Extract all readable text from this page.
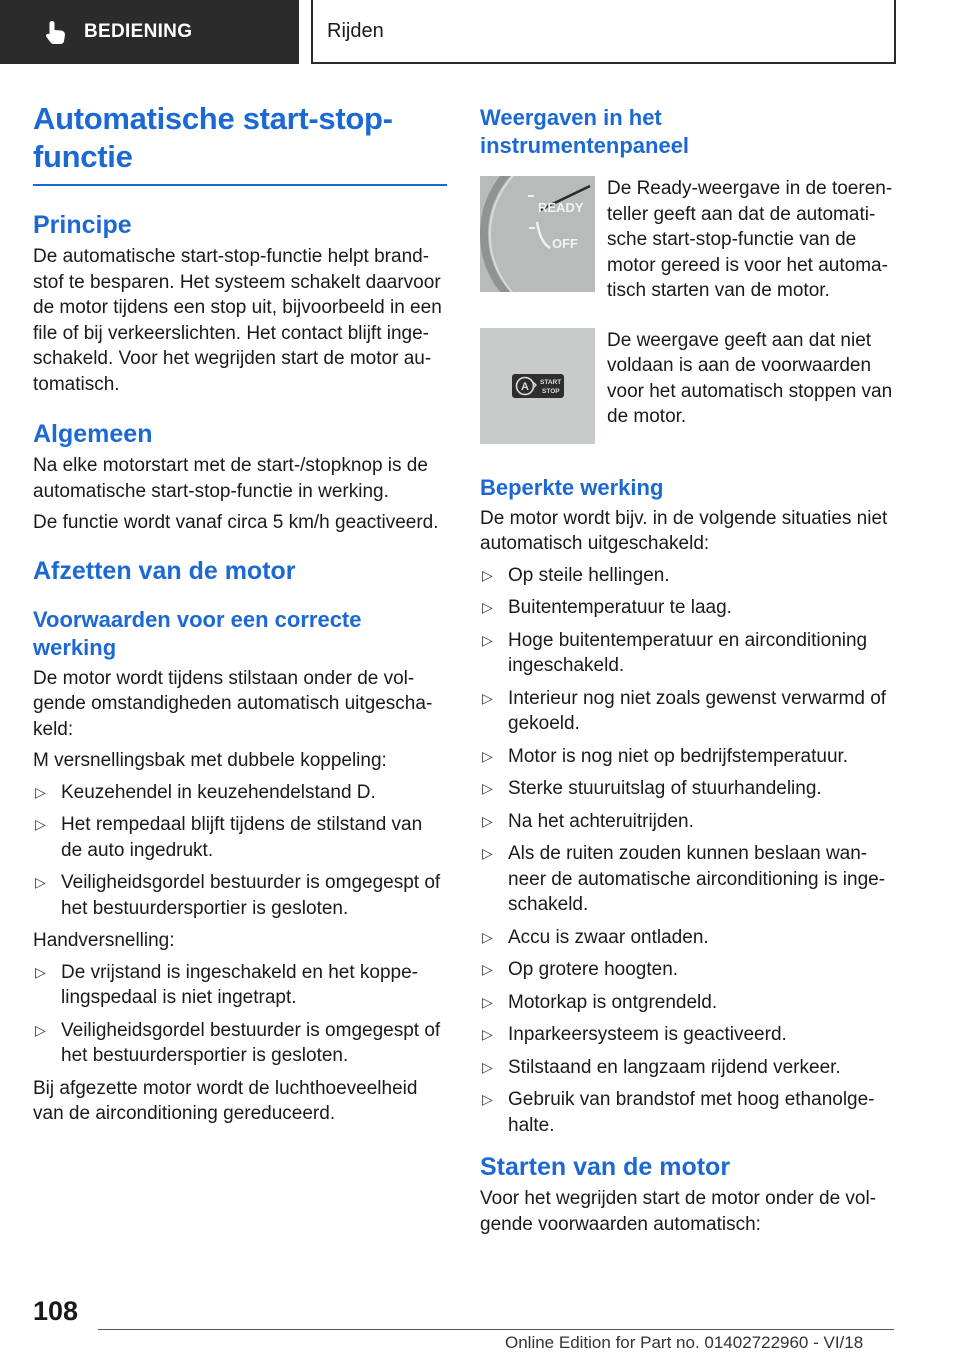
BEDIENING	Rijden
Automatische start-stop-
functie
Principe

De automatische start-stop-functie helpt brand-stof te besparen. Het systeem schakelt daarvoor de motor tijdens een stop uit, bijvoorbeeld in een file of bij verkeerslichten. Het contact blijft inge-schakeld. Voor het wegrijden start de motor au-tomatisch.

Algemeen

Na elke motorstart met de start-/stopknop is de automatische start-stop-functie in werking.

De functie wordt vanaf circa 5 km/h geactiveerd.

Afzetten van de motor
Voorwaarden voor een correcte werking

De motor wordt tijdens stilstaan onder de vol-gende omstandigheden automatisch uitgescha-keld:

M versnellingsbak met dubbele koppeling:

▷ Keuzehendel in keuzehendelstand D.
▷ Het rempedaal blijft tijdens de stilstand van de auto ingedrukt.
▷ Veiligheidsgordel bestuurder is omgegespt of het bestuurdersportier is gesloten.

Handversnelling:

▷ De vrijstand is ingeschakeld en het koppe-lingspedaal is niet ingetrapt.
▷ Veiligheidsgordel bestuurder is omgegespt of het bestuurdersportier is gesloten.

Bij afgezette motor wordt de luchthoeveelheid van de airconditioning gereduceerd.

Weergaven in het instrumentenpaneel
READY
OFF

De Ready-weergave in de toeren-teller geeft aan dat de automati-sche start-stop-functie van de motor gereed is voor het automa-tisch starten van de motor.

A START
STOP

De weergave geeft aan dat niet voldaan is aan de voorwaarden voor het automatisch stoppen van de motor.

Beperkte werking

De motor wordt bijv. in de volgende situaties niet automatisch uitgeschakeld:

▷ Op steile hellingen.
▷ Buitentemperatuur te laag.
▷ Hoge buitentemperatuur en airconditioning ingeschakeld.
▷ Interieur nog niet zoals gewenst verwarmd of gekoeld.
▷ Motor is nog niet op bedrijfstemperatuur.
▷ Sterke stuuruitslag of stuurhandeling.
▷ Na het achteruitrijden.
▷ Als de ruiten zouden kunnen beslaan wan-neer de automatische airconditioning is inge-schakeld.
▷ Accu is zwaar ontladen.
▷ Op grotere hoogten.
▷ Motorkap is ontgrendeld.
▷ Inparkeersysteem is geactiveerd.
▷ Stilstaand en langzaam rijdend verkeer.
▷ Gebruik van brandstof met hoog ethanolge-halte.
Starten van de motor

Voor het wegrijden start de motor onder de vol-gende voorwaarden automatisch:

108
Online Edition for Part no. 01402722960 - VI/18
